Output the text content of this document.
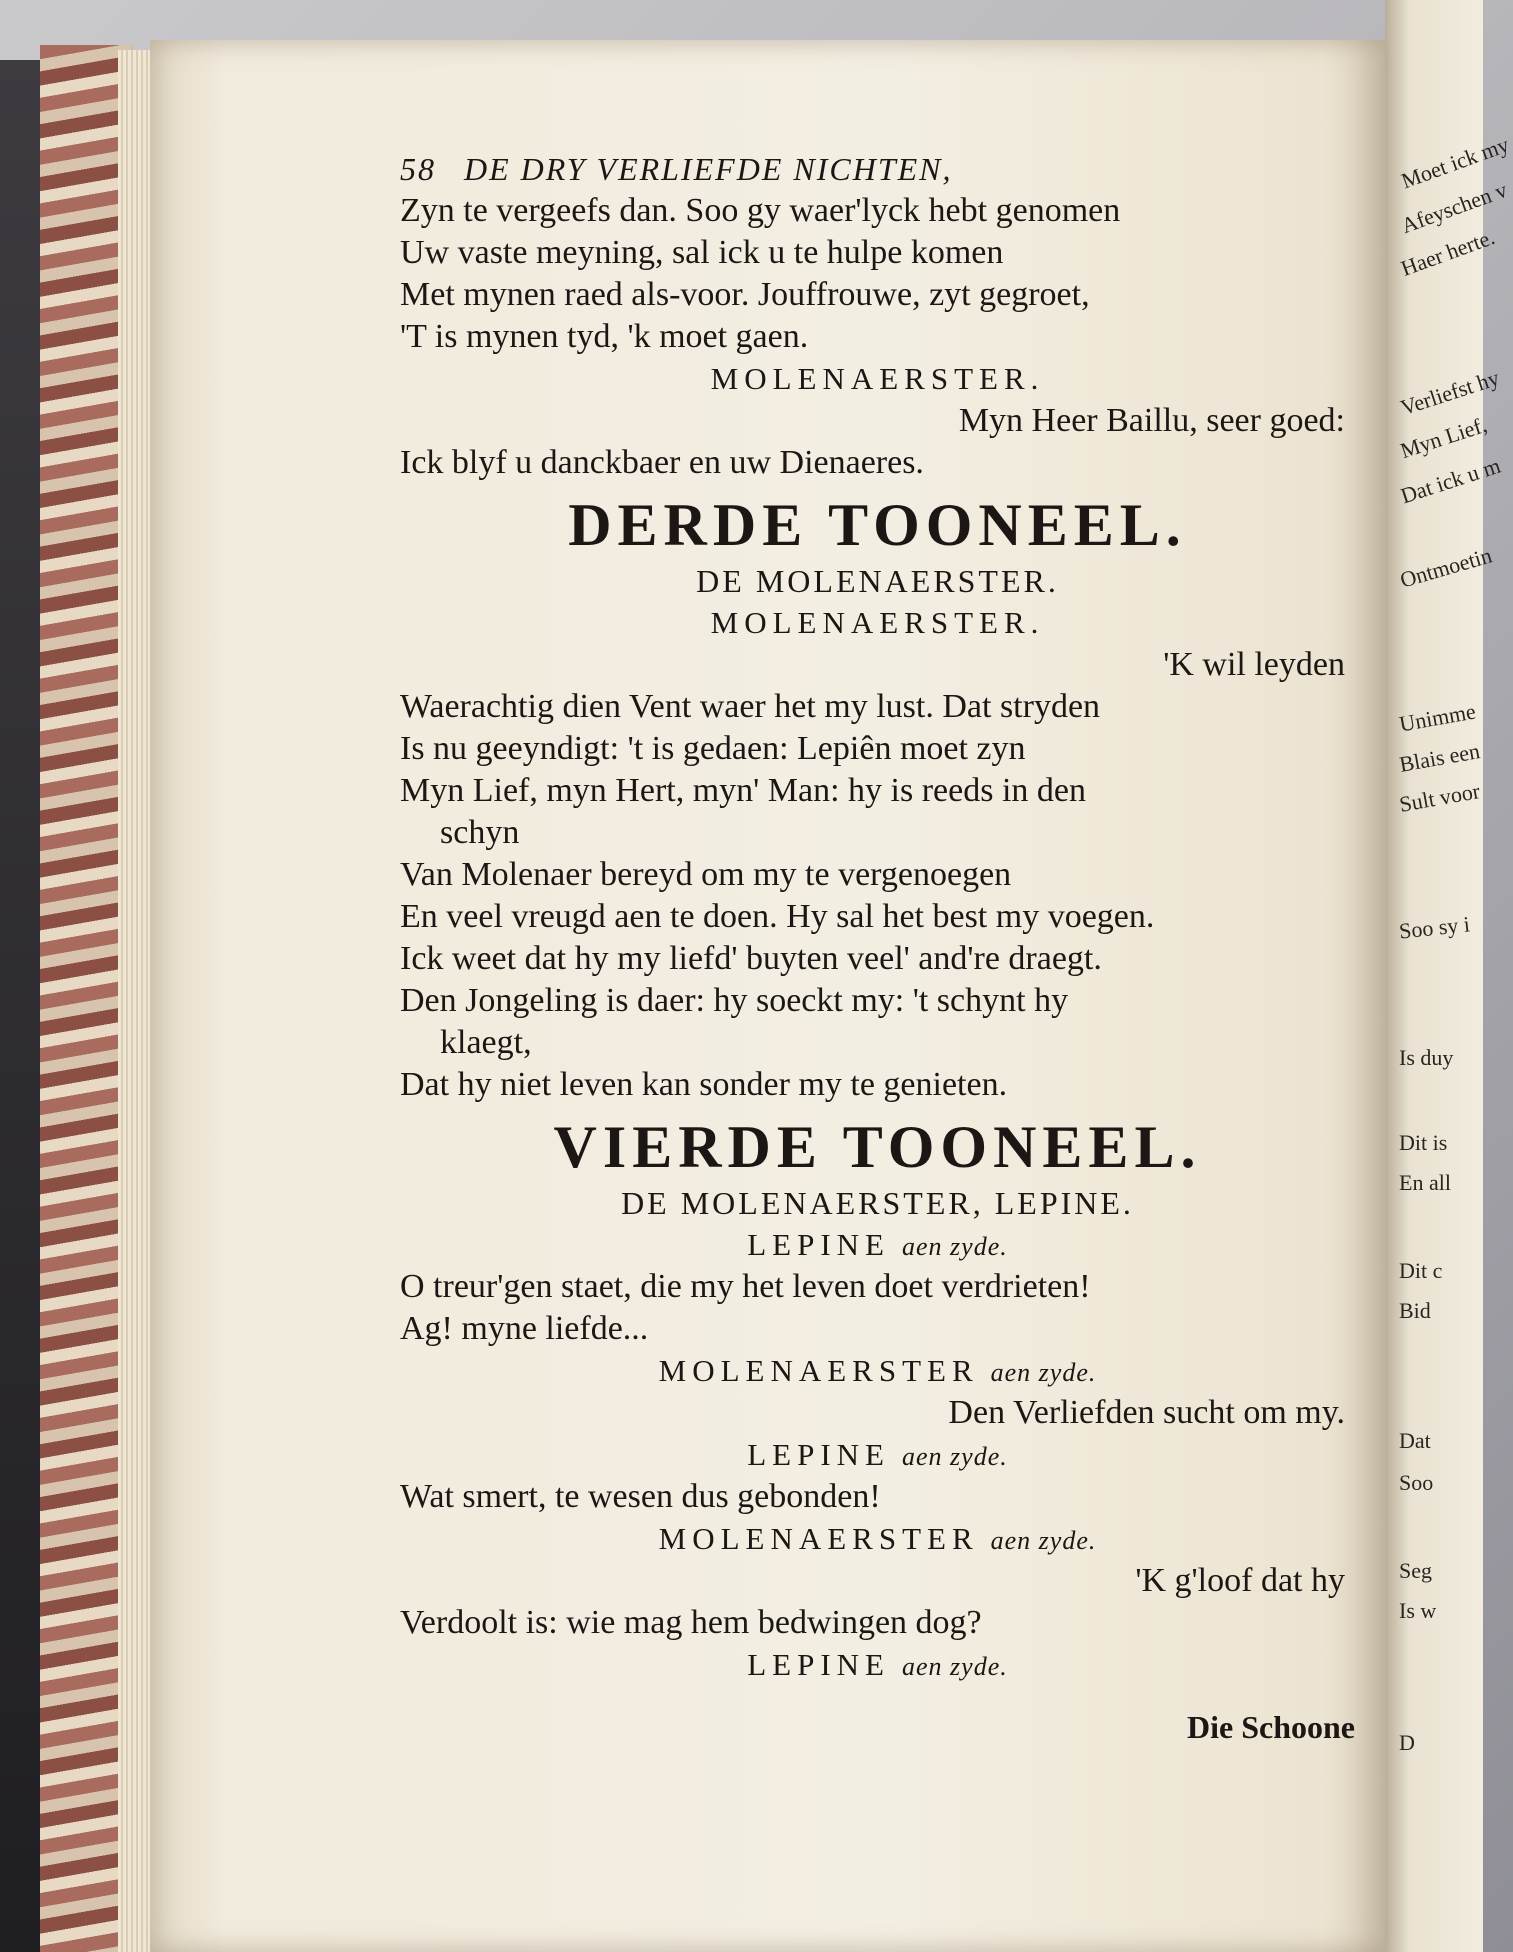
Moet ick my
Afeyschen v
Haer herte.
Verliefst hy
Myn Lief,
Dat ick u m
Ontmoetin
Unimme
Blais een
Sult voor
Soo sy i
Is duy
Dit is
En all
Dit c
Bid
Dat
Soo
Seg
Is w
D
58 DE DRY VERLIEFDE NICHTEN,
Zyn te vergeefs dan. Soo gy waer'lyck hebt genomen
Uw vaste meyning, sal ick u te hulpe komen
Met mynen raed als-voor. Jouffrouwe, zyt gegroet,
'T is mynen tyd, 'k moet gaen.
MOLENAERSTER.
Myn Heer Baillu, seer goed:
Ick blyf u danckbaer en uw Dienaeres.
DERDE TOONEEL.
DE MOLENAERSTER.
MOLENAERSTER.
'K wil leyden
Waerachtig dien Vent waer het my lust. Dat stryden
Is nu geeyndigt: 't is gedaen: Lepiên moet zyn
Myn Lief, myn Hert, myn' Man: hy is reeds in den
schyn
Van Molenaer bereyd om my te vergenoegen
En veel vreugd aen te doen. Hy sal het best my voegen.
Ick weet dat hy my liefd' buyten veel' and're draegt.
Den Jongeling is daer: hy soeckt my: 't schynt hy
klaegt,
Dat hy niet leven kan sonder my te genieten.
VIERDE TOONEEL.
DE MOLENAERSTER, LEPINE.
LEPINE aen zyde.
O treur'gen staet, die my het leven doet verdrieten!
Ag! myne liefde...
MOLENAERSTER aen zyde.
Den Verliefden sucht om my.
LEPINE aen zyde.
Wat smert, te wesen dus gebonden!
MOLENAERSTER aen zyde.
'K g'loof dat hy
Verdoolt is: wie mag hem bedwingen dog?
LEPINE aen zyde.
Die Schoone
